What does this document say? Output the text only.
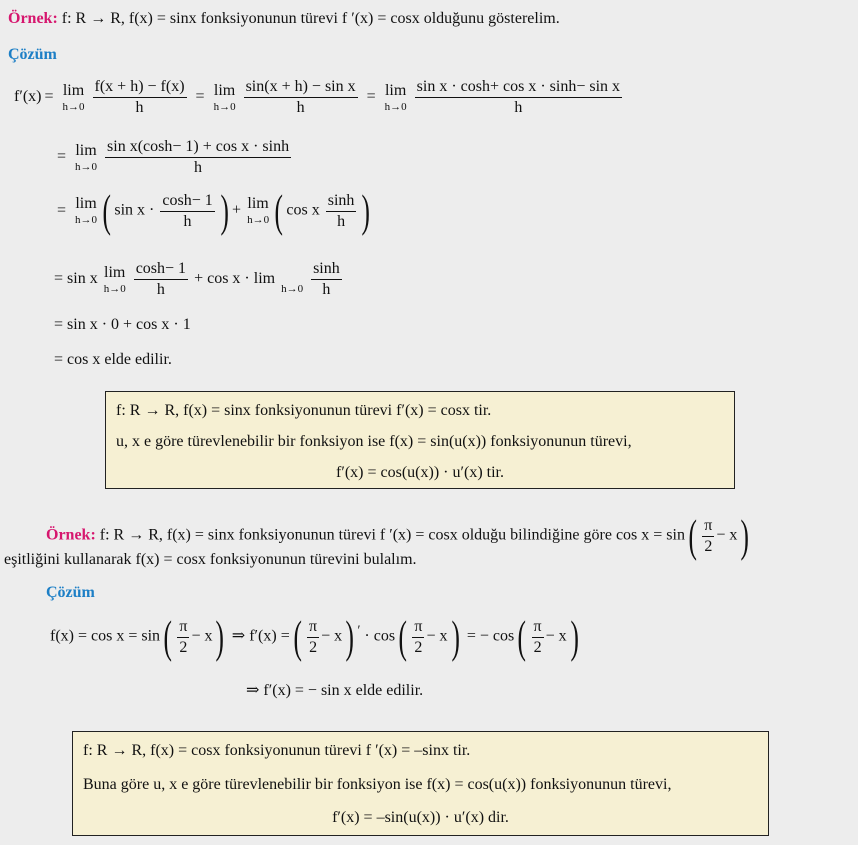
Örnek: f: R → R, f(x) = sinx fonksiyonunun türevi f ′(x) = cosx olduğunu gösterelim.
Çözüm
f′(x) = lim
h→0
$\frac{f(x + h) - f(x)}{h} = \lim$
h→0
$\frac{\text{sin(x + h) − sin x}}{h} = \lim$
h→0
$\frac{\text{sin x · cosh+ cos x · sinh− sin x}}{h}$
= lim
h→0
$\frac{\text{sin x(cosh− 1) + cos x · sinh}}{h}$
= lim
h→0 ( $\sin x \cdot \frac{\cosh- 1}{h}$ ) + lim
h→0 ( cos x $\frac{\sinh}{h}$ )
= sin x lim
h→0
$\frac{\cosh- 1}{h} + \cos x \cdot \lim$
h→0
$\frac{\sinh}{h}$
= sin x · 0 + cos x · 1
= cos x elde edilir.
f: R → R, f(x) = sinx fonksiyonunun türevi f′(x) = cosx tir.
u, x e göre türevlenebilir bir fonksiyon ise f(x) = sin(u(x)) fonksiyonunun türevi,
f′(x) = cos(u(x)) · u′(x) tir.
Örnek: f: R → R, f(x) = sinx fonksiyonunun türevi f ′(x) = cosx olduğu bilindiğine göre $\cos x = \sin( \frac{\pi}{2} - x)$
eşitliğini kullanarak f(x) = cosx fonksiyonunun türevini bulalım.
Çözüm
$f(x) = \cos x = \sin( \frac{\pi}{2} - x)$ ⇒ f′(x) =( $\frac{\pi}{2} - x$) $' \cdot \cos( \frac{\pi}{2} - x)$ = − $\cos( \frac{\pi}{2} - x)$
⇒ f′(x) = − sin x elde edilir.
f: R → R, f(x) = cosx fonksiyonunun türevi f ′(x) = –sinx tir.
Buna göre u, x e göre türevlenebilir bir fonksiyon ise f(x) = cos(u(x)) fonksiyonunun türevi,
f′(x) = –sin(u(x)) · u′(x) dir.
